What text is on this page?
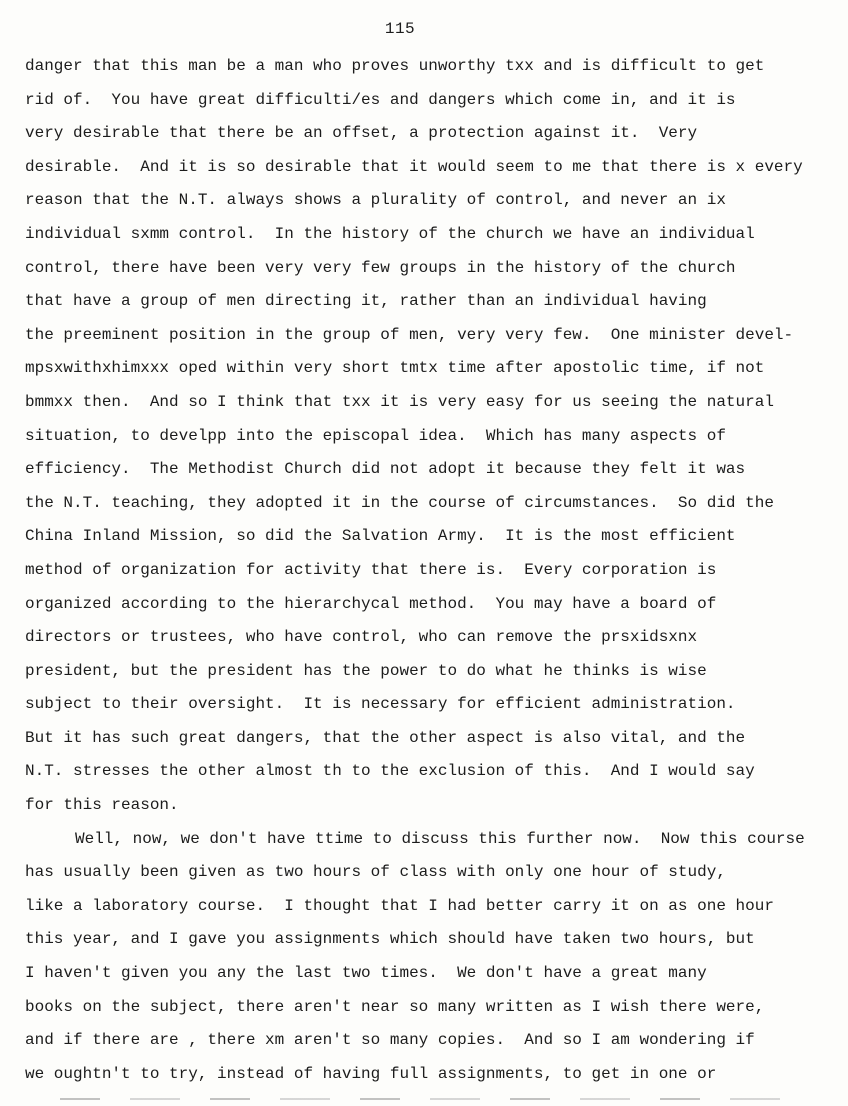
115
danger that this man be a man who proves unworthy txx and is difficult to get
rid of.  You have great difficulti/es and dangers which come in, and it is
very desirable that there be an offset, a protection against it.  Very
desirable.  And it is so desirable that it would seem to me that there is x every
reason that the N.T. always shows a plurality of control, and never an ix
individual sxmm control.  In the history of the church we have an individual
control, there have been very very few groups in the history of the church
that have a group of men directing it, rather than an individual having
the preeminent position in the group of men, very very few.  One minister devel-
mpsxwithxhimxxx oped within very short tmtx time after apostolic time, if not
bmmxx then.  And so I think that txx it is very easy for us seeing the natural
situation, to develpp into the episcopal idea.  Which has many aspects of
efficiency.  The Methodist Church did not adopt it because they felt it was
the N.T. teaching, they adopted it in the course of circumstances.  So did the
China Inland Mission, so did the Salvation Army.  It is the most efficient
method of organization for activity that there is.  Every corporation is
organized according to the hierarchycal method.  You may have a board of
directors or trustees, who have control, who can remove the prsxidsxnx
president, but the president has the power to do what he thinks is wise
subject to their oversight.  It is necessary for efficient administration.
But it has such great dangers, that the other aspect is also vital, and the
N.T. stresses the other almost th to the exclusion of this.  And I would say
for this reason.
Well, now, we don't have ttime to discuss this further now.  Now this course
has usually been given as two hours of class with only one hour of study,
like a laboratory course.  I thought that I had better carry it on as one hour
this year, and I gave you assignments which should have taken two hours, but
I haven't given you any the last two times.  We don't have a great many
books on the subject, there aren't near so many written as I wish there were,
and if there are , there xm aren't so many copies.  And so I am wondering if
we oughtn't to try, instead of having full assignments, to get in one or
